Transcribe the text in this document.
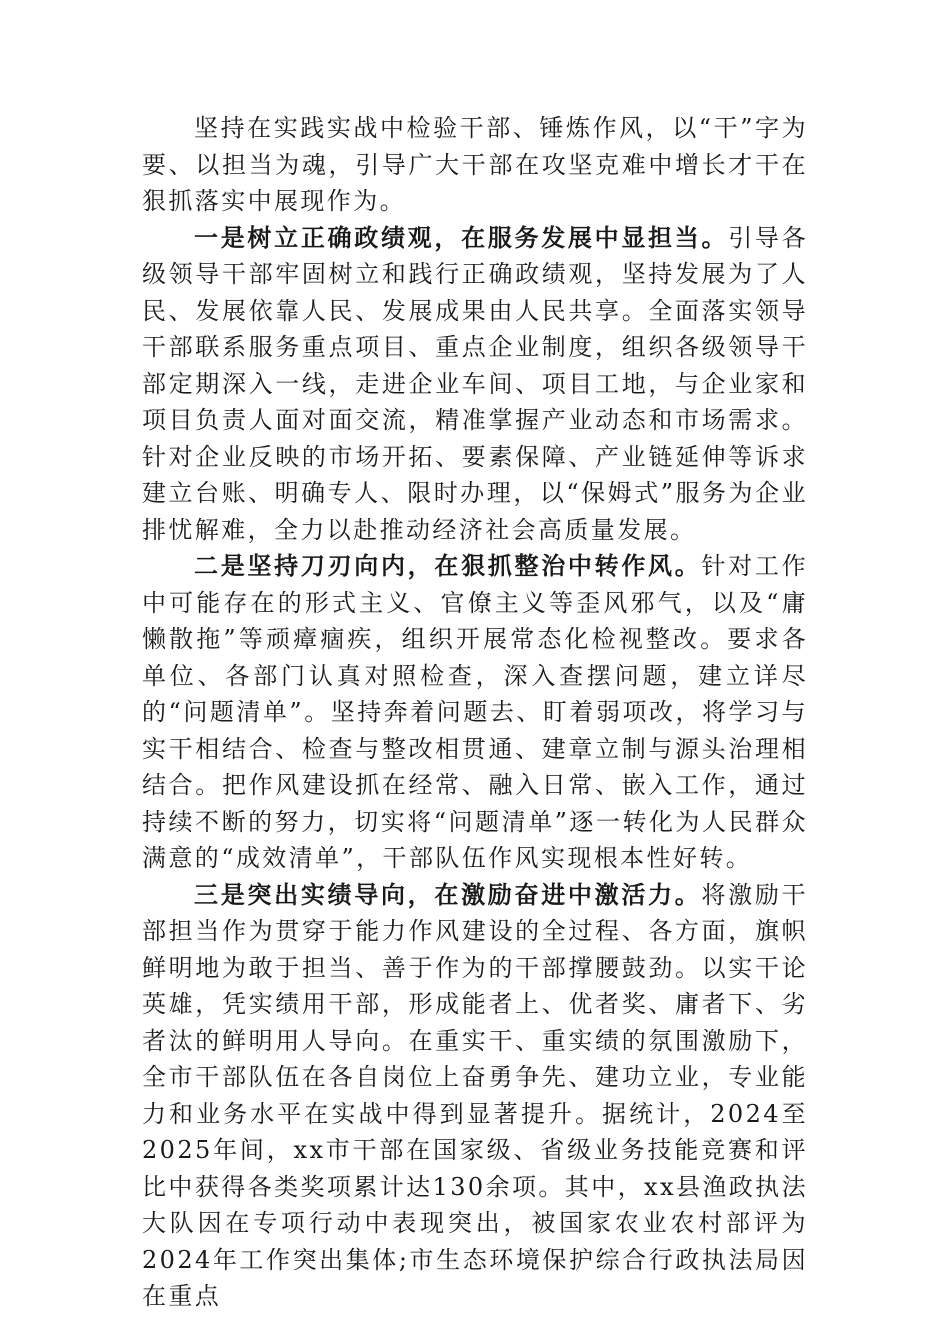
坚持在实践实战中检验干部、锤炼作风，以“干”字为要、以担当为魂，引导广大干部在攻坚克难中增长才干在狠抓落实中展现作为。

一是树立正确政绩观，在服务发展中显担当。引导各级领导干部牢固树立和践行正确政绩观，坚持发展为了人民、发展依靠人民、发展成果由人民共享。全面落实领导干部联系服务重点项目、重点企业制度，组织各级领导干部定期深入一线，走进企业车间、项目工地，与企业家和项目负责人面对面交流，精准掌握产业动态和市场需求。针对企业反映的市场开拓、要素保障、产业链延伸等诉求建立台账、明确专人、限时办理，以“保姆式”服务为企业排忧解难，全力以赴推动经济社会高质量发展。

二是坚持刀刃向内，在狠抓整治中转作风。针对工作中可能存在的形式主义、官僚主义等歪风邪气，以及“庸懒散拖”等顽瘴痼疾，组织开展常态化检视整改。要求各单位、各部门认真对照检查，深入查摆问题，建立详尽的“问题清单”。坚持奔着问题去、盯着弱项改，将学习与实干相结合、检查与整改相贯通、建章立制与源头治理相结合。把作风建设抓在经常、融入日常、嵌入工作，通过持续不断的努力，切实将“问题清单”逐一转化为人民群众满意的“成效清单”，干部队伍作风实现根本性好转。

三是突出实绩导向，在激励奋进中激活力。将激励干部担当作为贯穿于能力作风建设的全过程、各方面，旗帜鲜明地为敢于担当、善于作为的干部撑腰鼓劲。以实干论英雄，凭实绩用干部，形成能者上、优者奖、庸者下、劣者汰的鲜明用人导向。在重实干、重实绩的氛围激励下，全市干部队伍在各自岗位上奋勇争先、建功立业，专业能力和业务水平在实战中得到显著提升。据统计，2024至2025年间，xx市干部在国家级、省级业务技能竞赛和评比中获得各类奖项累计达130余项。其中，xx县渔政执法大队因在专项行动中表现突出，被国家农业农村部评为2024年工作突出集体;市生态环境保护综合行政执法局因在重点
